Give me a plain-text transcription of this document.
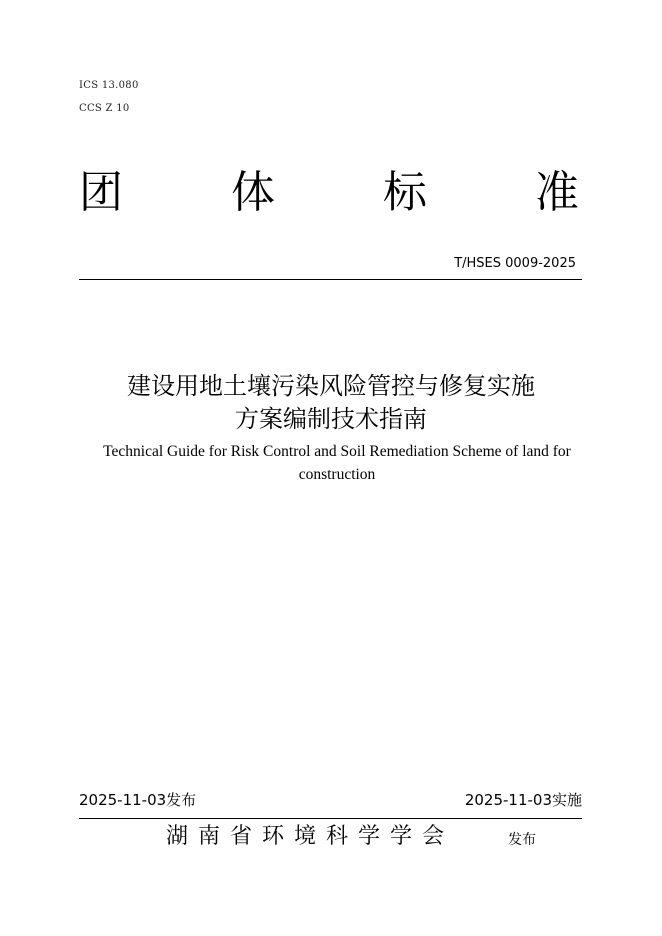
ICS 13.080
CCS Z 10
团 体 标 准
T/HSES 0009-2025
建设用地土壤污染风险管控与修复实施
方案编制技术指南
Technical Guide for Risk Control and Soil Remediation Scheme of land for construction
2025-11-03发布	2025-11-03实施
湖南省环境科学学会	发布
